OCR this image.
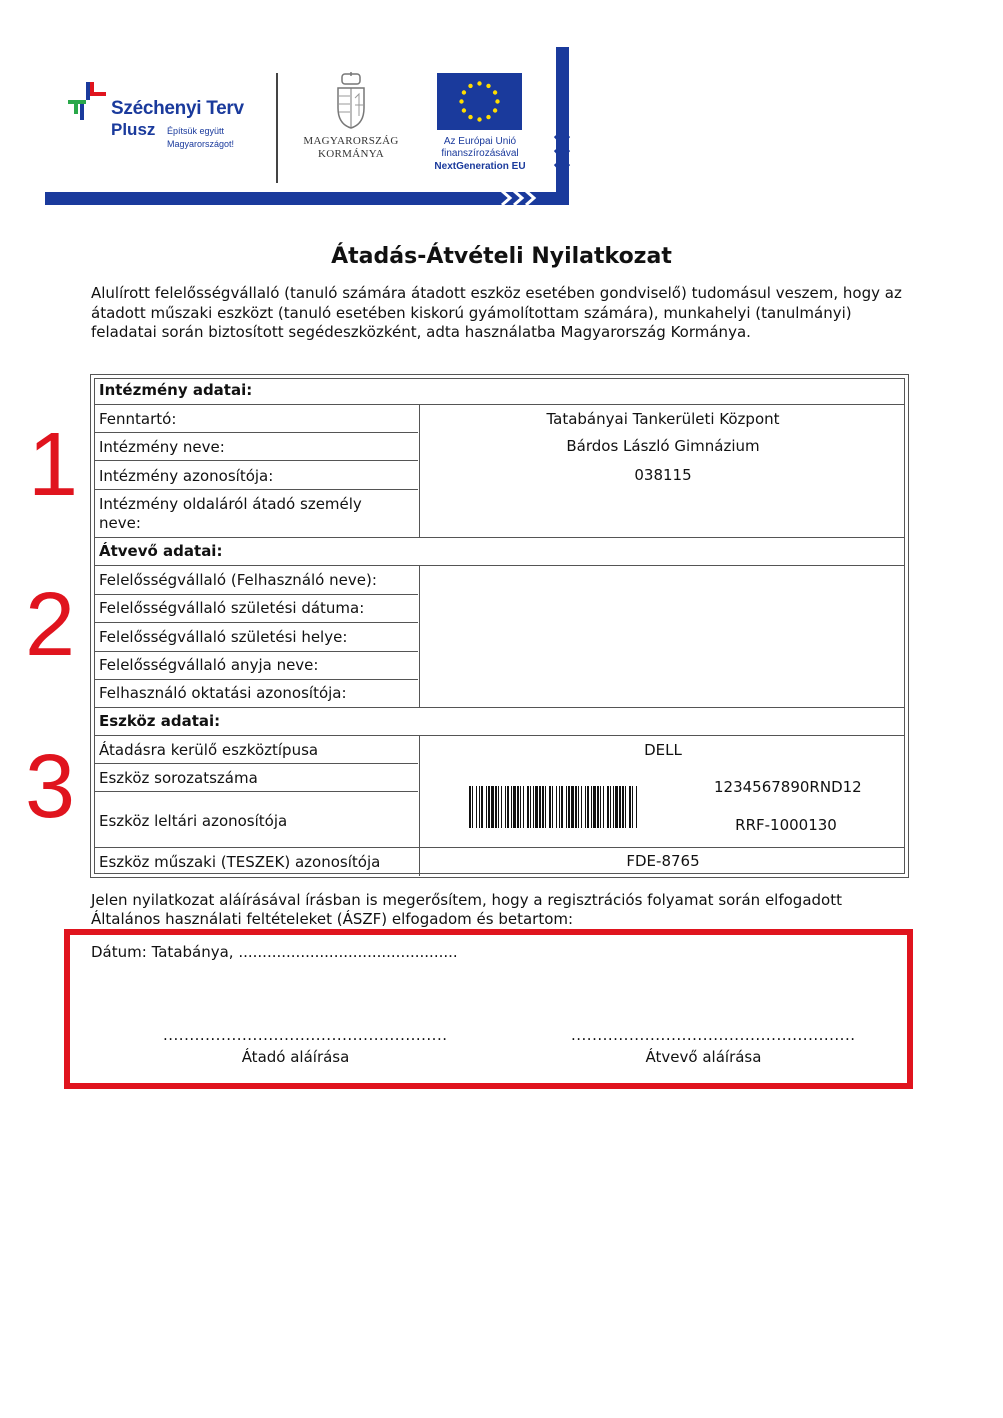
Széchenyi Terv
Plusz Építsük együtt
Magyarországot!	MAGYARORSZÁG
KORMÁNYA
Az Európai Unió
finanszírozásával
NextGeneration EU
Átadás-Átvételi Nyilatkozat
Alulírott felelősségvállaló (tanuló számára átadott eszköz esetében gondviselő) tudomásul veszem, hogy az átadott műszaki eszközt (tanuló esetében kiskorú gyámolítottam számára), munkahelyi (tanulmányi) feladatai során biztosított segédeszközként, adta használatba Magyarország Kormánya.
1
2
3
Intézmény adatai:
Fenntartó:	Tatabányai Tankerületi Központ
Intézmény neve:	Bárdos László Gimnázium
Intézmény azonosítója:	038115
Intézmény oldaláról átadó személy
neve:
Átvevő adatai:
Felelősségvállaló (Felhasználó neve):
Felelősségvállaló születési dátuma:
Felelősségvállaló születési helye:
Felelősségvállaló anyja neve:
Felhasználó oktatási azonosítója:
Eszköz adatai:
Átadásra kerülő eszköztípusa	DELL
Eszköz sorozatszáma	1234567890RND12
Eszköz leltári azonosítója	RRF-1000130
Eszköz műszaki (TESZEK) azonosítója	FDE-8765
Jelen nyilatkozat aláírásával írásban is megerősítem, hogy a regisztrációs folyamat során elfogadott Általános használati feltételeket (ÁSZF) elfogadom és betartom:
Dátum: Tatabánya, ..............................................
......................................................	......................................................
Átadó aláírása	Átvevő aláírása
